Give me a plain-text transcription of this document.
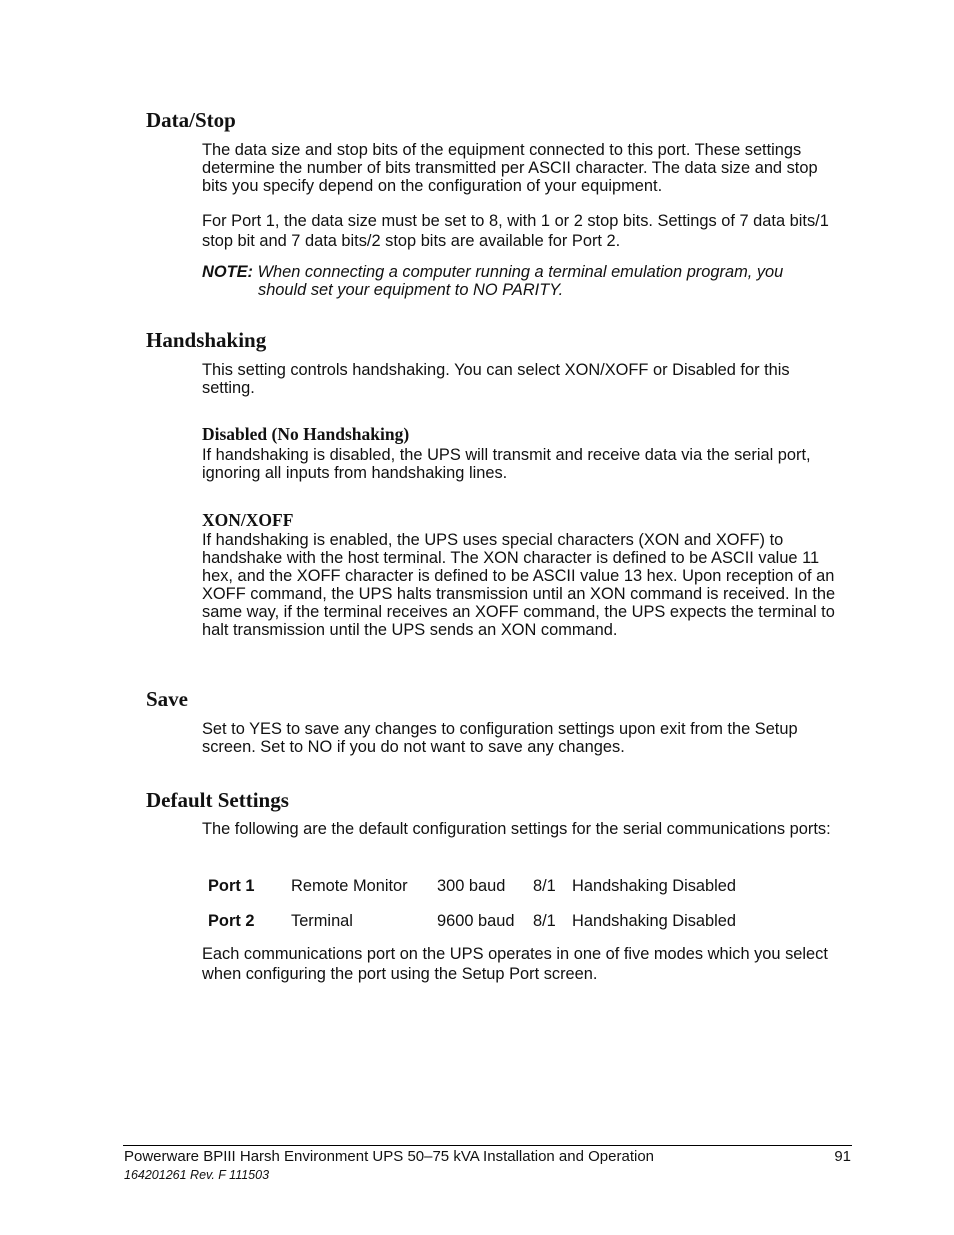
Data/Stop

The data size and stop bits of the equipment connected to this port. These settings determine the number of bits transmitted per ASCII character. The data size and stop bits you specify depend on the configuration of your equipment.

For Port 1, the data size must be set to 8, with 1 or 2 stop bits. Settings of 7 data bits/1 stop bit and 7 data bits/2 stop bits are available for Port 2.

NOTE: When connecting a computer running a terminal emulation program, you
should set your equipment to NO PARITY.
Handshaking

This setting controls handshaking. You can select XON/XOFF or Disabled for this setting.

Disabled (No Handshaking)

If handshaking is disabled, the UPS will transmit and receive data via the serial port, ignoring all inputs from handshaking lines.

XON/XOFF

If handshaking is enabled, the UPS uses special characters (XON and XOFF) to handshake with the host terminal. The XON character is defined to be ASCII value 11 hex, and the XOFF character is defined to be ASCII value 13 hex. Upon reception of an XOFF command, the UPS halts transmission until an XON command is received. In the same way, if the terminal receives an XOFF command, the UPS expects the terminal to halt transmission until the UPS sends an XON command.

Save

Set to YES to save any changes to configuration settings upon exit from the Setup screen. Set to NO if you do not want to save any changes.

Default Settings

The following are the default configuration settings for the serial communications ports:

Port 1 Remote Monitor 300 baud 8/1 Handshaking Disabled
Port 2 Terminal	9600 baud 8/1 Handshaking Disabled

Each communications port on the UPS operates in one of five modes which you select when configuring the port using the Setup Port screen.

Powerware BPIII Harsh Environment UPS 50–75 kVA Installation and Operation	91
164201261 Rev. F 111503
